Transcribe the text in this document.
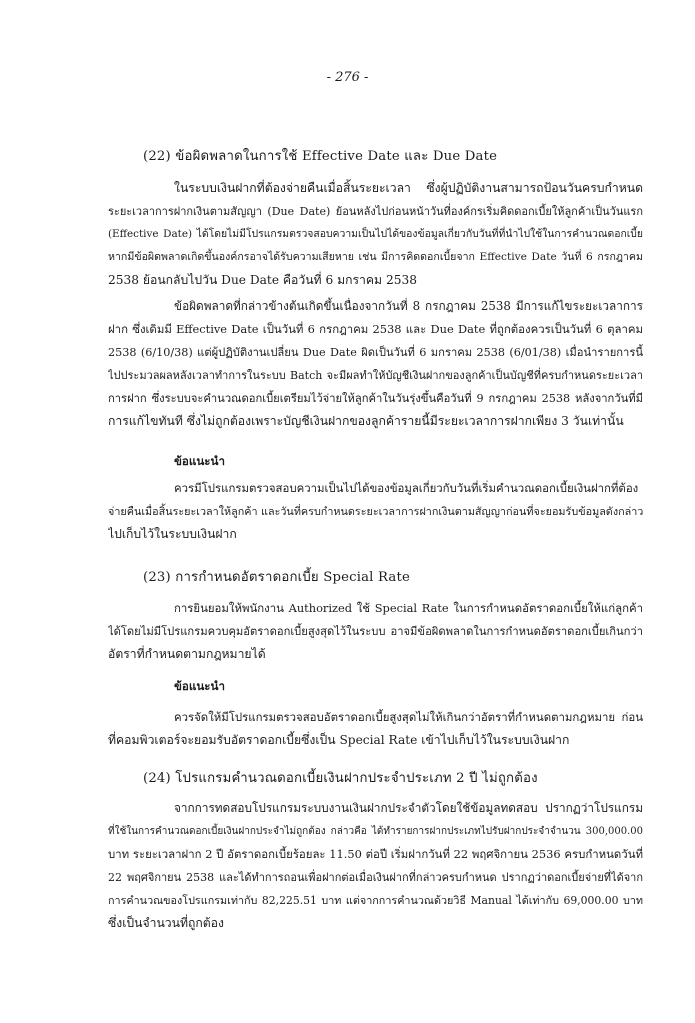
- 276 -
(22) ข้อผิดพลาดในการใช้ Effective Date และ Due Date
ในระบบเงินฝากที่ต้องจ่ายคืนเมื่อสิ้นระยะเวลา ซึ่งผู้ปฏิบัติงานสามารถป้อนวันครบกำหนด
ระยะเวลาการฝากเงินตามสัญญา (Due Date) ย้อนหลังไปก่อนหน้าวันที่องค์กรเริ่มคิดดอกเบี้ยให้ลูกค้าเป็นวันแรก
(Effective Date) ได้โดยไม่มีโปรแกรมตรวจสอบความเป็นไปได้ของข้อมูลเกี่ยวกับวันที่ที่นำไปใช้ในการคำนวณดอกเบี้ย
หากมีข้อผิดพลาดเกิดขึ้นองค์กรอาจได้รับความเสียหาย เช่น มีการคิดดอกเบี้ยจาก Effective Date วันที่ 6 กรกฎาคม
2538 ย้อนกลับไปวัน Due Date คือวันที่ 6 มกราคม 2538
ข้อผิดพลาดที่กล่าวข้างต้นเกิดขึ้นเนื่องจากวันที่ 8 กรกฎาคม 2538 มีการแก้ไขระยะเวลาการ
ฝาก ซึ่งเดิมมี Effective Date เป็นวันที่ 6 กรกฎาคม 2538 และ Due Date ที่ถูกต้องควรเป็นวันที่ 6 ตุลาคม
2538 (6/10/38) แต่ผู้ปฏิบัติงานเปลี่ยน Due Date ผิดเป็นวันที่ 6 มกราคม 2538 (6/01/38) เมื่อนำรายการนี้
ไปประมวลผลหลังเวลาทำการในระบบ Batch จะมีผลทำให้บัญชีเงินฝากของลูกค้าเป็นบัญชีที่ครบกำหนดระยะเวลา
การฝาก ซึ่งระบบจะคำนวณดอกเบี้ยเตรียมไว้จ่ายให้ลูกค้าในวันรุ่งขึ้นคือวันที่ 9 กรกฎาคม 2538 หลังจากวันที่มี
การแก้ไขทันที ซึ่งไม่ถูกต้องเพราะบัญชีเงินฝากของลูกค้ารายนี้มีระยะเวลาการฝากเพียง 3 วันเท่านั้น
ข้อแนะนำ
ควรมีโปรแกรมตรวจสอบความเป็นไปได้ของข้อมูลเกี่ยวกับวันที่เริ่มคำนวณดอกเบี้ยเงินฝากที่ต้อง
จ่ายคืนเมื่อสิ้นระยะเวลาให้ลูกค้า และวันที่ครบกำหนดระยะเวลาการฝากเงินตามสัญญาก่อนที่จะยอมรับข้อมูลดังกล่าว
ไปเก็บไว้ในระบบเงินฝาก
(23) การกำหนดอัตราดอกเบี้ย Special Rate
การยินยอมให้พนักงาน Authorized ใช้ Special Rate ในการกำหนดอัตราดอกเบี้ยให้แก่ลูกค้า
ได้โดยไม่มีโปรแกรมควบคุมอัตราดอกเบี้ยสูงสุดไว้ในระบบ อาจมีข้อผิดพลาดในการกำหนดอัตราดอกเบี้ยเกินกว่า
อัตราที่กำหนดตามกฎหมายได้
ข้อแนะนำ
ควรจัดให้มีโปรแกรมตรวจสอบอัตราดอกเบี้ยสูงสุดไม่ให้เกินกว่าอัตราที่กำหนดตามกฎหมาย ก่อน
ที่คอมพิวเตอร์จะยอมรับอัตราดอกเบี้ยซึ่งเป็น Special Rate เข้าไปเก็บไว้ในระบบเงินฝาก
(24) โปรแกรมคำนวณดอกเบี้ยเงินฝากประจำประเภท 2 ปี ไม่ถูกต้อง
จากการทดสอบโปรแกรมระบบงานเงินฝากประจำตัวโดยใช้ข้อมูลทดสอบ ปรากฏว่าโปรแกรม
ที่ใช้ในการคำนวณดอกเบี้ยเงินฝากประจำไม่ถูกต้อง กล่าวคือ ได้ทำรายการฝากประเภทไปรับฝากประจำจำนวน 300,000.00
บาท ระยะเวลาฝาก 2 ปี อัตราดอกเบี้ยร้อยละ 11.50 ต่อปี เริ่มฝากวันที่ 22 พฤศจิกายน 2536 ครบกำหนดวันที่
22 พฤศจิกายน 2538 และได้ทำการถอนเพื่อฝากต่อเมื่อเงินฝากที่กล่าวครบกำหนด ปรากฏว่าดอกเบี้ยจ่ายที่ได้จาก
การคำนวณของโปรแกรมเท่ากับ 82,225.51 บาท แต่จากการคำนวณด้วยวิธี Manual ได้เท่ากับ 69,000.00 บาท
ซึ่งเป็นจำนวนที่ถูกต้อง
